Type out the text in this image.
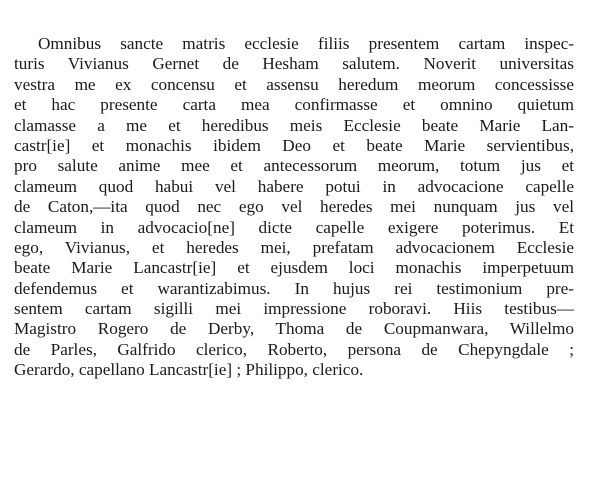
Omnibus sancte matris ecclesie filiis presentem cartam inspec-
turis Vivianus Gernet de Hesham salutem. Noverit universitas
vestra me ex concensu et assensu heredum meorum concessisse
et hac presente carta mea confirmasse et omnino quietum
clamasse a me et heredibus meis Ecclesie beate Marie Lan-
castr[ie] et monachis ibidem Deo et beate Marie servientibus,
pro salute anime mee et antecessorum meorum, totum jus et
clameum quod habui vel habere potui in advocacione capelle
de Caton,—ita quod nec ego vel heredes mei nunquam jus vel
clameum in advocacio[ne] dicte capelle exigere poterimus. Et
ego, Vivianus, et heredes mei, prefatam advocacionem Ecclesie
beate Marie Lancastr[ie] et ejusdem loci monachis imperpetuum
defendemus et warantizabimus. In hujus rei testimonium pre-
sentem cartam sigilli mei impressione roboravi. Hiis testibus—
Magistro Rogero de Derby, Thoma de Coupmanwara, Willelmo
de Parles, Galfrido clerico, Roberto, persona de Chepyngdale ;
Gerardo, capellano Lancastr[ie] ; Philippo, clerico.
